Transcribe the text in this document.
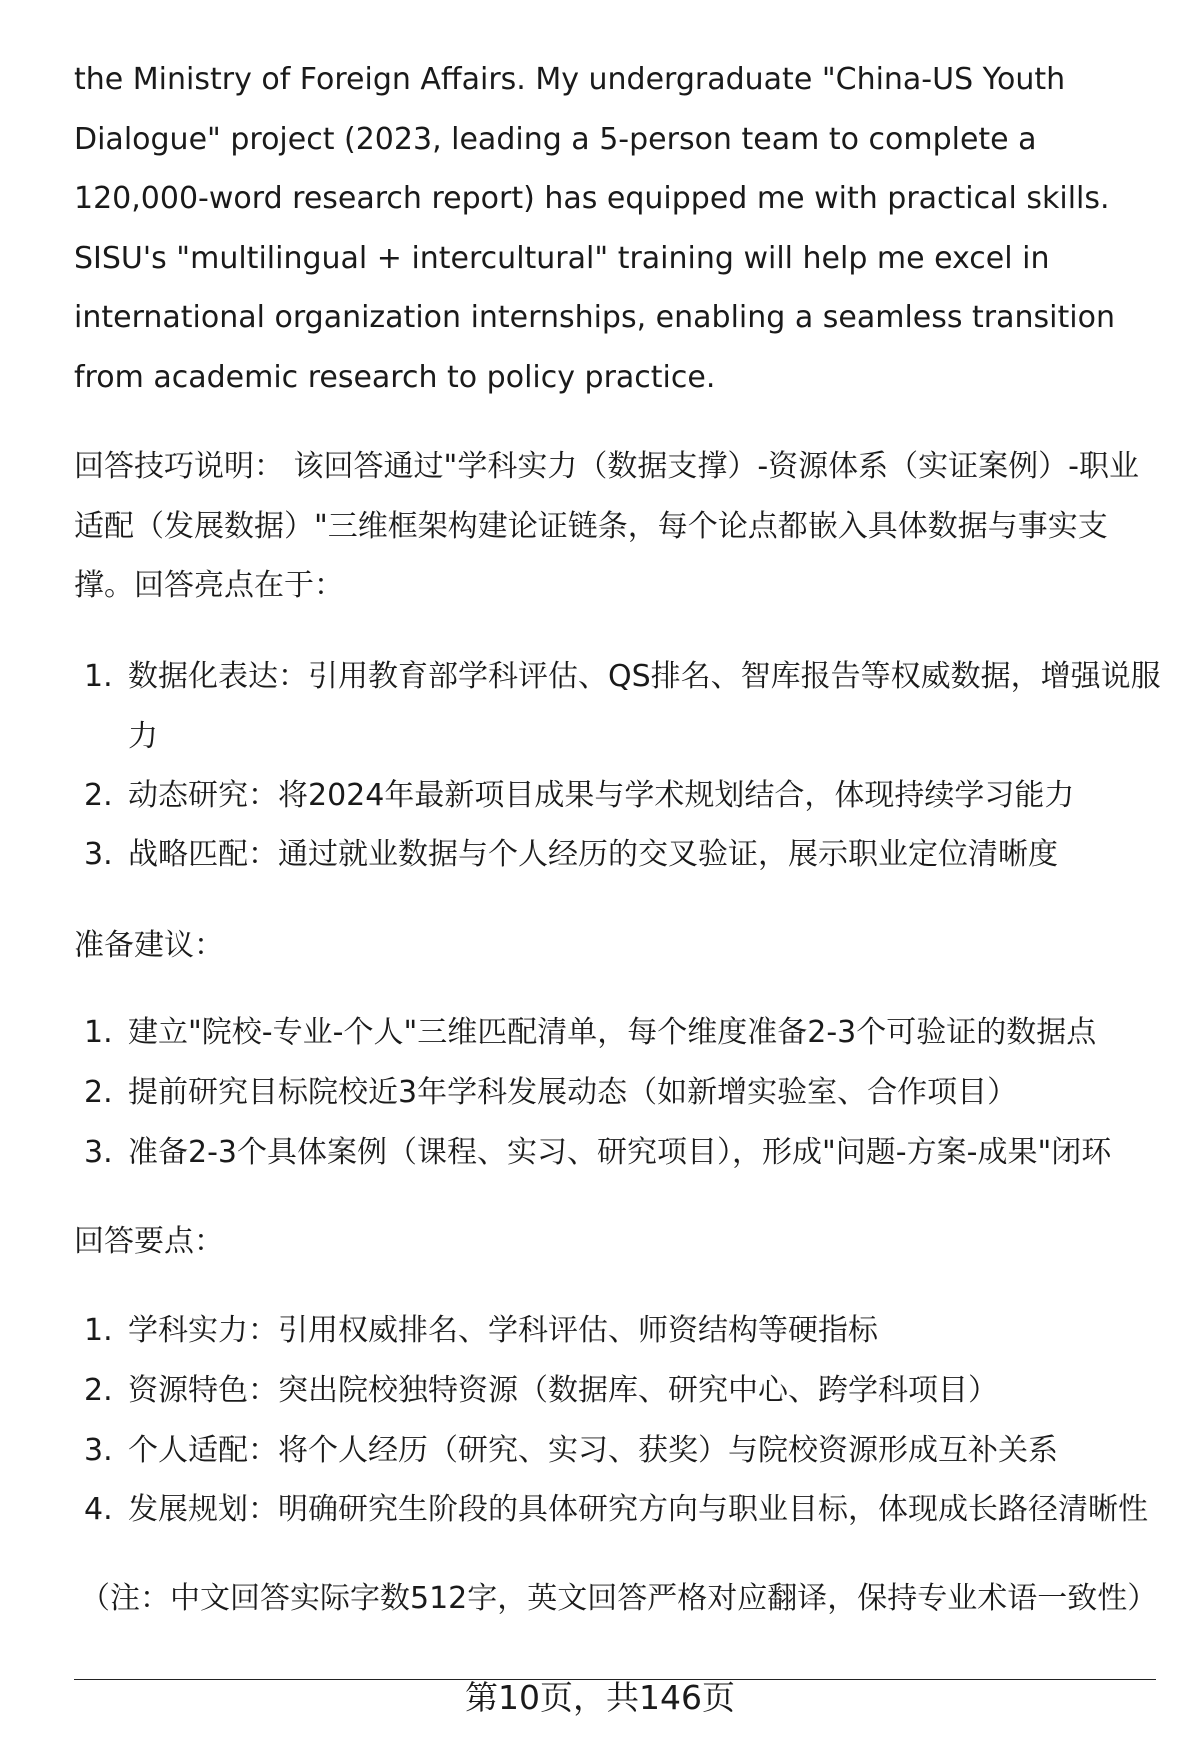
the Ministry of Foreign Affairs. My undergraduate "China-US Youth Dialogue" project (2023, leading a 5-person team to complete a 120,000-word research report) has equipped me with practical skills. SISU's "multilingual + intercultural" training will help me excel in international organization internships, enabling a seamless transition from academic research to policy practice.

回答技巧说明： 该回答通过"学科实力（数据支撑）-资源体系（实证案例）-职业适配（发展数据）"三维框架构建论证链条，每个论点都嵌入具体数据与事实支撑。回答亮点在于：

1. 数据化表达：引用教育部学科评估、QS排名、智库报告等权威数据，增强说服力
2. 动态研究：将2024年最新项目成果与学术规划结合，体现持续学习能力
3. 战略匹配：通过就业数据与个人经历的交叉验证，展示职业定位清晰度
准备建议：
1. 建立"院校-专业-个人"三维匹配清单，每个维度准备2-3个可验证的数据点
2. 提前研究目标院校近3年学科发展动态（如新增实验室、合作项目）
3. 准备2-3个具体案例（课程、实习、研究项目），形成"问题-方案-成果"闭环
回答要点：
1. 学科实力：引用权威排名、学科评估、师资结构等硬指标
2. 资源特色：突出院校独特资源（数据库、研究中心、跨学科项目）
3. 个人适配：将个人经历（研究、实习、获奖）与院校资源形成互补关系
4. 发展规划：明确研究生阶段的具体研究方向与职业目标，体现成长路径清晰性
（注：中文回答实际字数512字，英文回答严格对应翻译，保持专业术语一致性）
第10页，共146页
